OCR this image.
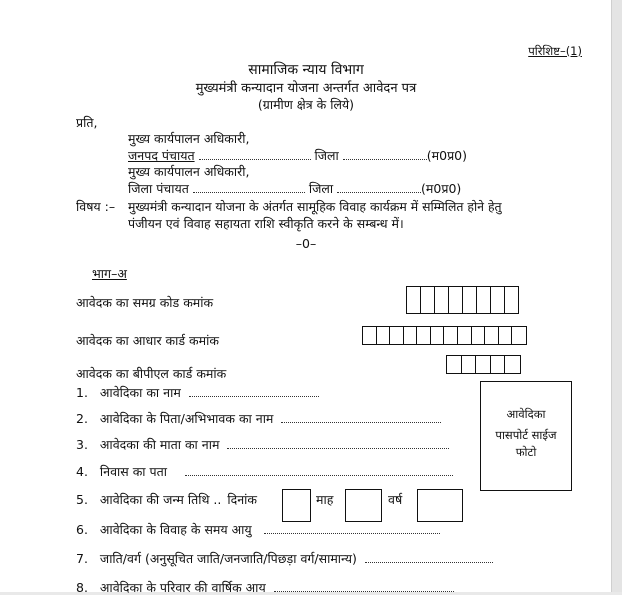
परिशिष्ट–(1)
सामाजिक न्याय विभाग
मुख्यमंत्री कन्यादान योजना अन्तर्गत आवेदन पत्र
(ग्रामीण क्षेत्र के लिये)
प्रति,
मुख्य कार्यपालन अधिकारी,
जनपद पंचायत	जिला	(म0प्र0)
मुख्य कार्यपालन अधिकारी,
जिला पंचायत	जिला	(म0प्र0)
विषय :– मुख्यमंत्री कन्यादान योजना के अंतर्गत सामूहिक विवाह कार्यक्रम में सम्मिलित होने हेतु
पंजीयन एवं विवाह सहायता राशि स्वीकृति करने के सम्बन्ध में।
–0–
भाग–अ
आवेदक का समग्र कोड कमांक
आवेदक का आधार कार्ड कमांक
आवेदक का बीपीएल कार्ड कमांक
1. आवेदिका का नाम
2. आवेदिका के पिता/अभिभावक का नाम
3. आवेदका की माता का नाम
4. निवास का पता
5. आवेदिका की जन्म तिथि .. दिनांक	माह	वर्ष
6. आवेदिका के विवाह के समय आयु
7. जाति/वर्ग (अनुसूचित जाति/जनजाति/पिछड़ा वर्ग/सामान्य)
8. आवेदिका के परिवार की वार्षिक आय
आवेदिका
पासपोर्ट साईज
फोटो
